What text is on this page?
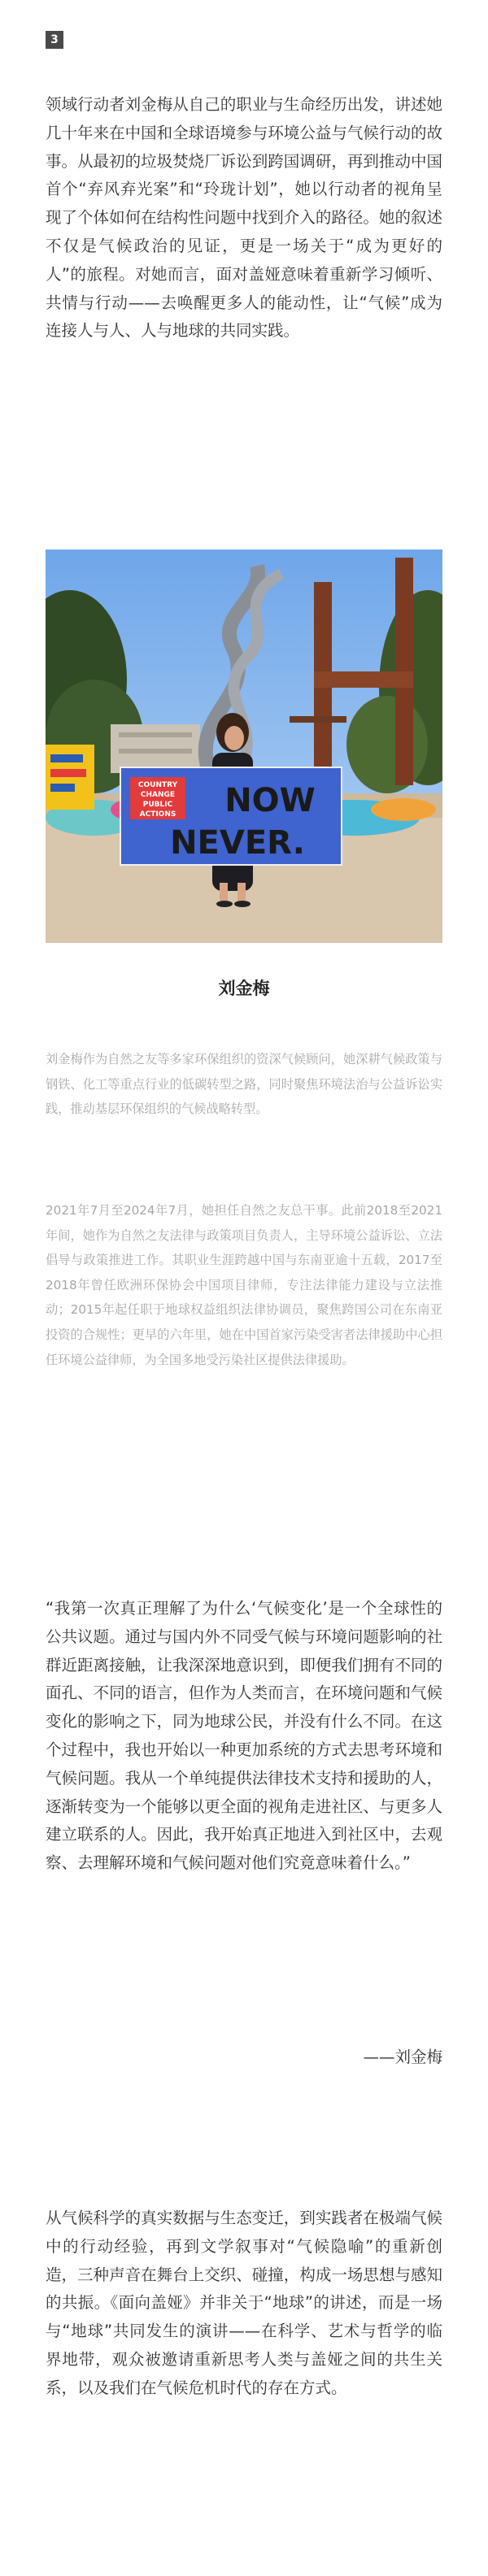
3

领域行动者刘金梅从自己的职业与生命经历出发，讲述她几十年来在中国和全球语境参与环境公益与气候行动的故事。从最初的垃圾焚烧厂诉讼到跨国调研，再到推动中国首个“弃风弃光案”和“玲珑计划”，她以行动者的视角呈现了个体如何在结构性问题中找到介入的路径。她的叙述不仅是气候政治的见证，更是一场关于“成为更好的人”的旅程。对她而言，面对盖娅意味着重新学习倾听、共情与行动——去唤醒更多人的能动性，让“气候”成为连接人与人、人与地球的共同实践。

COUNTRY
CHANGE
PUBLIC
ACTIONS NOW
NEVER.
刘金梅

刘金梅作为自然之友等多家环保组织的资深气候顾问，她深耕气候政策与钢铁、化工等重点行业的低碳转型之路，同时聚焦环境法治与公益诉讼实践，推动基层环保组织的气候战略转型。

2021年7月至2024年7月，她担任自然之友总干事。此前2018至2021年间，她作为自然之友法律与政策项目负责人，主导环境公益诉讼、立法倡导与政策推进工作。其职业生涯跨越中国与东南亚逾十五载，2017至2018年曾任欧洲环保协会中国项目律师，专注法律能力建设与立法推动；2015年起任职于地球权益组织法律协调员，聚焦跨国公司在东南亚投资的合规性；更早的六年里，她在中国首家污染受害者法律援助中心担任环境公益律师，为全国多地受污染社区提供法律援助。

“我第一次真正理解了为什么‘气候变化’是一个全球性的公共议题。通过与国内外不同受气候与环境问题影响的社群近距离接触，让我深深地意识到，即便我们拥有不同的面孔、不同的语言，但作为人类而言，在环境问题和气候变化的影响之下，同为地球公民，并没有什么不同。在这个过程中，我也开始以一种更加系统的方式去思考环境和气候问题。我从一个单纯提供法律技术支持和援助的人，逐渐转变为一个能够以更全面的视角走进社区、与更多人建立联系的人。因此，我开始真正地进入到社区中，去观察、去理解环境和气候问题对他们究竟意味着什么。”

——刘金梅

从气候科学的真实数据与生态变迁，到实践者在极端气候中的行动经验，再到文学叙事对“气候隐喻”的重新创造，三种声音在舞台上交织、碰撞，构成一场思想与感知的共振。《面向盖娅》并非关于“地球”的讲述，而是一场与“地球”共同发生的演讲——在科学、艺术与哲学的临界地带，观众被邀请重新思考人类与盖娅之间的共生关系，以及我们在气候危机时代的存在方式。
